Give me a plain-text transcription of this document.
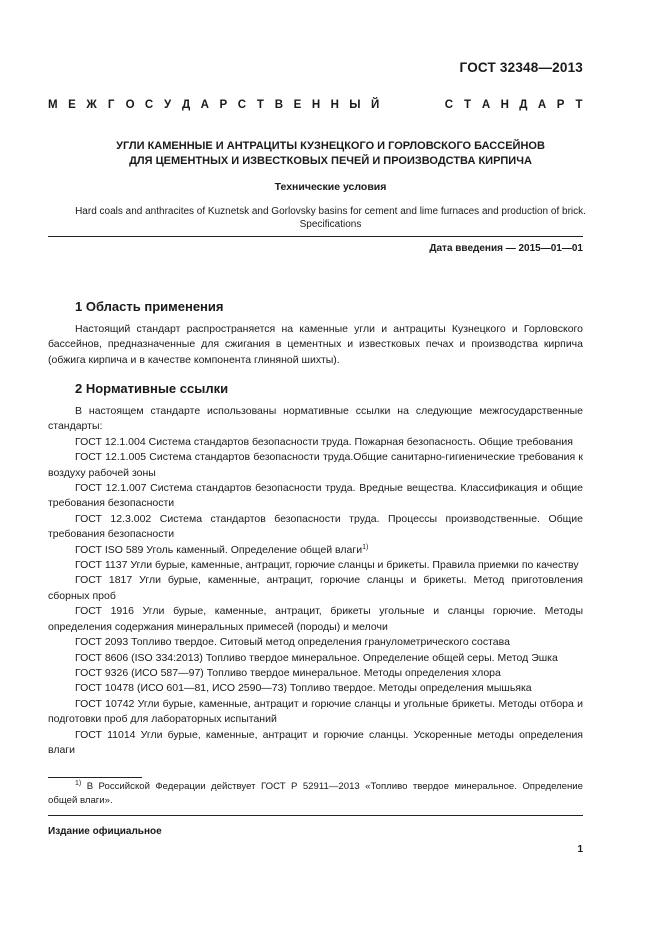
ГОСТ 32348—2013
М Е Ж Г О С У Д А Р С Т В Е Н Н Ы Й	С Т А Н Д А Р Т
УГЛИ КАМЕННЫЕ И АНТРАЦИТЫ КУЗНЕЦКОГО И ГОРЛОВСКОГО БАССЕЙНОВ
ДЛЯ ЦЕМЕНТНЫХ И ИЗВЕСТКОВЫХ ПЕЧЕЙ И ПРОИЗВОДСТВА КИРПИЧА
Технические условия
Hard coals and anthracites of Kuznetsk and Gorlovsky basins for cement and lime furnaces and production of brick.
Specifications
Дата введения — 2015—01—01
1 Область применения
Настоящий стандарт распространяется на каменные угли и антрациты Кузнецкого и Горловского бассейнов, предназначенные для сжигания в цементных и известковых печах и производства кирпича (обжига кирпича и в качестве компонента глиняной шихты).
2 Нормативные ссылки
В настоящем стандарте использованы нормативные ссылки на следующие межгосударственные стандарты:
ГОСТ 12.1.004 Система стандартов безопасности труда. Пожарная безопасность. Общие требования
ГОСТ 12.1.005 Система стандартов безопасности труда.Общие санитарно-гигиенические требования к воздуху рабочей зоны
ГОСТ 12.1.007 Система стандартов безопасности труда. Вредные вещества. Классификация и общие требования безопасности
ГОСТ 12.3.002 Система стандартов безопасности труда. Процессы производственные. Общие требования безопасности
ГОСТ ISO 589 Уголь каменный. Определение общей влаги$^{1)}$
ГОСТ 1137 Угли бурые, каменные, антрацит, горючие сланцы и брикеты. Правила приемки по качеству
ГОСТ 1817 Угли бурые, каменные, антрацит, горючие сланцы и брикеты. Метод приготовления сборных проб
ГОСТ 1916 Угли бурые, каменные, антрацит, брикеты угольные и сланцы горючие. Методы определения содержания минеральных примесей (породы) и мелочи
ГОСТ 2093 Топливо твердое. Ситовый метод определения гранулометрического состава
ГОСТ 8606 (ISO 334:2013) Топливо твердое минеральное. Определение общей серы. Метод Эшка
ГОСТ 9326 (ИСО 587—97) Топливо твердое минеральное. Методы определения хлора
ГОСТ 10478 (ИСО 601—81, ИСО 2590—73) Топливо твердое. Методы определения мышьяка
ГОСТ 10742 Угли бурые, каменные, антрацит и горючие сланцы и угольные брикеты. Методы отбора и подготовки проб для лабораторных испытаний
ГОСТ 11014 Угли бурые, каменные, антрацит и горючие сланцы. Ускоренные методы определения влаги
$^{1)}$ В Российской Федерации действует ГОСТ Р 52911—2013 «Топливо твердое минеральное. Определение общей влаги».
Издание официальное
1
